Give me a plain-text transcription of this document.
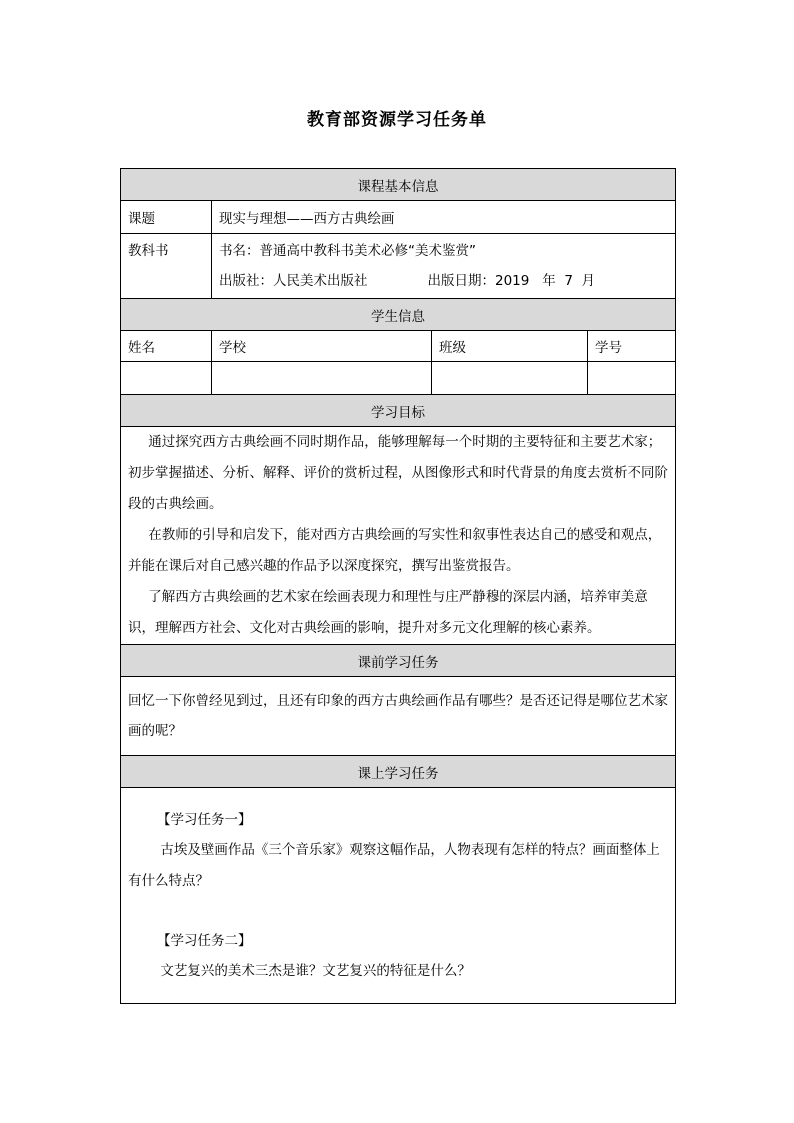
教育部资源学习任务单
课程基本信息			
课题	现实与理想——西方古典绘画		

教科书	书名：普通高中教科书美术必修“美术鉴赏”
出版社：人民美术出版社 出版日期：2019   年  7  月		

学生信息			
姓名	学校	班级	学号

学习目标			

通过探究西方古典绘画不同时期作品，能够理解每一个时期的主要特征和主要艺术家；初步掌握描述、分析、解释、评价的赏析过程，从图像形式和时代背景的角度去赏析不同阶段的古典绘画。

在教师的引导和启发下，能对西方古典绘画的写实性和叙事性表达自己的感受和观点，并能在课后对自己感兴趣的作品予以深度探究，撰写出鉴赏报告。

了解西方古典绘画的艺术家在绘画表现力和理性与庄严静穆的深层内涵，培养审美意识，理解西方社会、文化对古典绘画的影响，提升对多元文化理解的核心素养。			

课前学习任务			

回忆一下你曾经见到过，且还有印象的西方古典绘画作品有哪些？是否还记得是哪位艺术家画的呢？			

课上学习任务			

【学习任务一】

古埃及壁画作品《三个音乐家》观察这幅作品，人物表现有怎样的特点？画面整体上有什么特点？

【学习任务二】

文艺复兴的美术三杰是谁？文艺复兴的特征是什么？			
